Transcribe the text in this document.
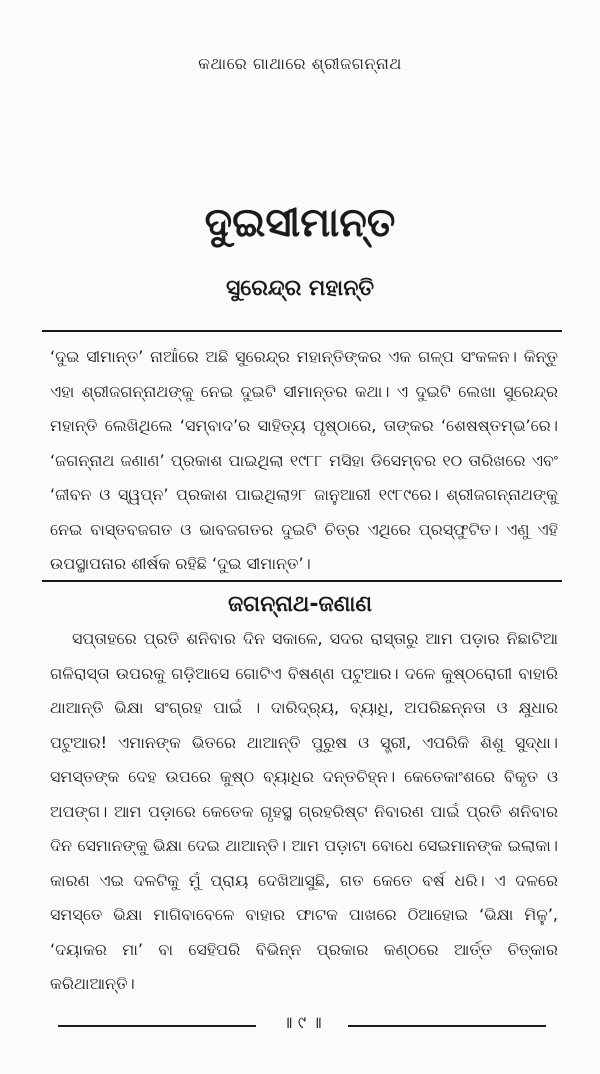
କଥାରେ ଗାଥାରେ ଶ୍ରୀଜଗନ୍ନାଥ
ଦୁଇସୀମାନ୍ତ
ସୁରେନ୍ଦ୍ର ମହାନ୍ତି
‘ଦୁଇ ସୀମାନ୍ତ’ ନାଆଁରେ ଅଛି ସୁରେନ୍ଦ୍ର ମହାନ୍ତିଙ୍କର ଏକ ଗଳ୍ପ ସଂକଳନ। କିନ୍ତୁ ଏହା ଶ୍ରୀଜଗନ୍ନାଥଙ୍କୁ ନେଇ ଦୁଇଟି ସୀମାନ୍ତର କଥା। ଏ ଦୁଇଟି ଲେଖା ସୁରେନ୍ଦ୍ର ମହାନ୍ତି ଲେଖିଥିଲେ ‘ସମ୍ବାଦ’ର ସାହିତ୍ୟ ପୃଷ୍ଠାରେ, ତାଙ୍କର ‘ଶେଷଷ୍ତମ୍ଭ’ରେ। ‘ଜଗନ୍ନାଥ ଜଣାଣ’ ପ୍ରକାଶ ପାଇଥିଲା ୧୯୮୮ ମସିହା ଡିସେମ୍ବର ୧୦ ତାରିଖରେ ଏବଂ ‘ଜୀବନ ଓ ସ୍ୱପ୍ନ’ ପ୍ରକାଶ ପାଇଥିଲା୨୮ ଜାନୁଆରୀ ୧୯୮୯ରେ। ଶ୍ରୀଜଗନ୍ନାଥଙ୍କୁ ନେଇ ବାସ୍ତବଜଗତ ଓ ଭାବଜଗତର ଦୁଇଟି ଚିତ୍ର ଏଥିରେ ପ୍ରସ୍ଫୁଟିତ। ଏଣୁ ଏହି ଉପସ୍ଥାପନାର ଶୀର୍ଷକ ରହିଛି ‘ଦୁଇ ସୀମାନ୍ତ’।
ଜଗନ୍ନାଥ-ଜଣାଣ
ସପ୍ତାହରେ ପ୍ରତି ଶନିବାର ଦିନ ସକାଳେ, ସଦର ରାସ୍ତାରୁ ଆମ ପଡ଼ାର ନିଛାଟିଆ ଗଳିରାସ୍ତା ଉପରକୁ ଗଡ଼ିଆସେ ଗୋଟିଏ ବିଷଣ୍ଣ ପଟୁଆର। ଦଳେ କୁଷ୍ଠରୋଗୀ ବାହାରି ଥାଆନ୍ତି ଭିକ୍ଷା ସଂଗ୍ରହ ପାଇଁ । ଦାରିଦ୍ର୍ୟ, ବ୍ୟାଧି, ଅପରିଛନ୍ନତା ଓ କ୍ଷୁଧାର ପଟୁଆର! ଏମାନଙ୍କ ଭିତରେ ଥାଆନ୍ତି ପୁରୁଷ ଓ ସ୍ତ୍ରୀ, ଏପରିକି ଶିଶୁ ସୁଦ୍ଧା। ସମସ୍ତଙ୍କ ଦେହ ଉପରେ କୁଷ୍ଠ ବ୍ୟାଧିର ଦନ୍ତଚିହ୍ନ। କେତେକାଂଶରେ ବିକୃତ ଓ ଅପଙ୍ଗ। ଆମ ପଡ଼ାରେ କେତେକ ଗୃହସ୍ଥ ଗ୍ରହରିଷ୍ଟ ନିବାରଣ ପାଇଁ ପ୍ରତି ଶନିବାର ଦିନ ସେମାନଙ୍କୁ ଭିକ୍ଷା ଦେଇ ଥାଆନ୍ତି। ଆମ ପଡ଼ାଟା ବୋଧେ ସେଇମାନଙ୍କ ଇଲାକା। କାରଣ ଏଇ ଦଳଟିକୁ ମୁଁ ପ୍ରାୟ ଦେଖିଆସୁଛି, ଗତ କେତେ ବର୍ଷ ଧରି। ଏ ଦଳରେ ସମସ୍ତେ ଭିକ୍ଷା ମାଗିବାବେଳେ ବାହାର ଫାଟକ ପାଖରେ ଠିଆହୋଇ ‘ଭିକ୍ଷା ମିଳୁ’, ‘ଦୟାକର ମା’ ବା ସେହିପରି ବିଭିନ୍ନ ପ୍ରକାର କଣ୍ଠରେ ଆର୍ତ୍ତ ଚିତ୍କାର କରିଥାଆନ୍ତି।
॥ ୯ ॥
